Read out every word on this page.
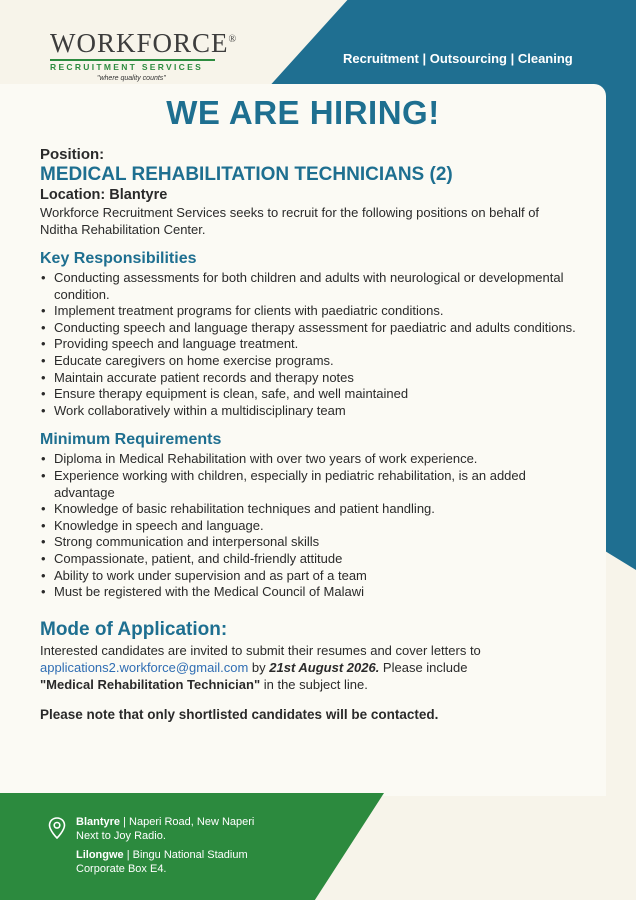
WORKFORCE®
RECRUITMENT SERVICES
"where quality counts"
Recruitment | Outsourcing | Cleaning
WE ARE HIRING!
Position:
MEDICAL REHABILITATION TECHNICIANS (2)
Location: Blantyre
Workforce Recruitment Services seeks to recruit for the following positions on behalf of Nditha Rehabilitation Center.
Key Responsibilities
• Conducting assessments for both children and adults with neurological or developmental condition.
• Implement treatment programs for clients with paediatric conditions.
• Conducting speech and language therapy assessment for paediatric and adults conditions.
• Providing speech and language treatment.
• Educate caregivers on home exercise programs.
• Maintain accurate patient records and therapy notes
• Ensure therapy equipment is clean, safe, and well maintained
• Work collaboratively within a multidisciplinary team
Minimum Requirements
• Diploma in Medical Rehabilitation with over two years of work experience.
• Experience working with children, especially in pediatric rehabilitation, is an added advantage
• Knowledge of basic rehabilitation techniques and patient handling.
• Knowledge in speech and language.
• Strong communication and interpersonal skills
• Compassionate, patient, and child-friendly attitude
• Ability to work under supervision and as part of a team
• Must be registered with the Medical Council of Malawi
Mode of Application:
Interested candidates are invited to submit their resumes and cover letters to
applications2.workforce@gmail.com by 21st August 2026. Please include
"Medical Rehabilitation Technician" in the subject line.
Please note that only shortlisted candidates will be contacted.
Blantyre | Naperi Road, New Naperi
Next to Joy Radio.
Lilongwe | Bingu National Stadium
Corporate Box E4.
